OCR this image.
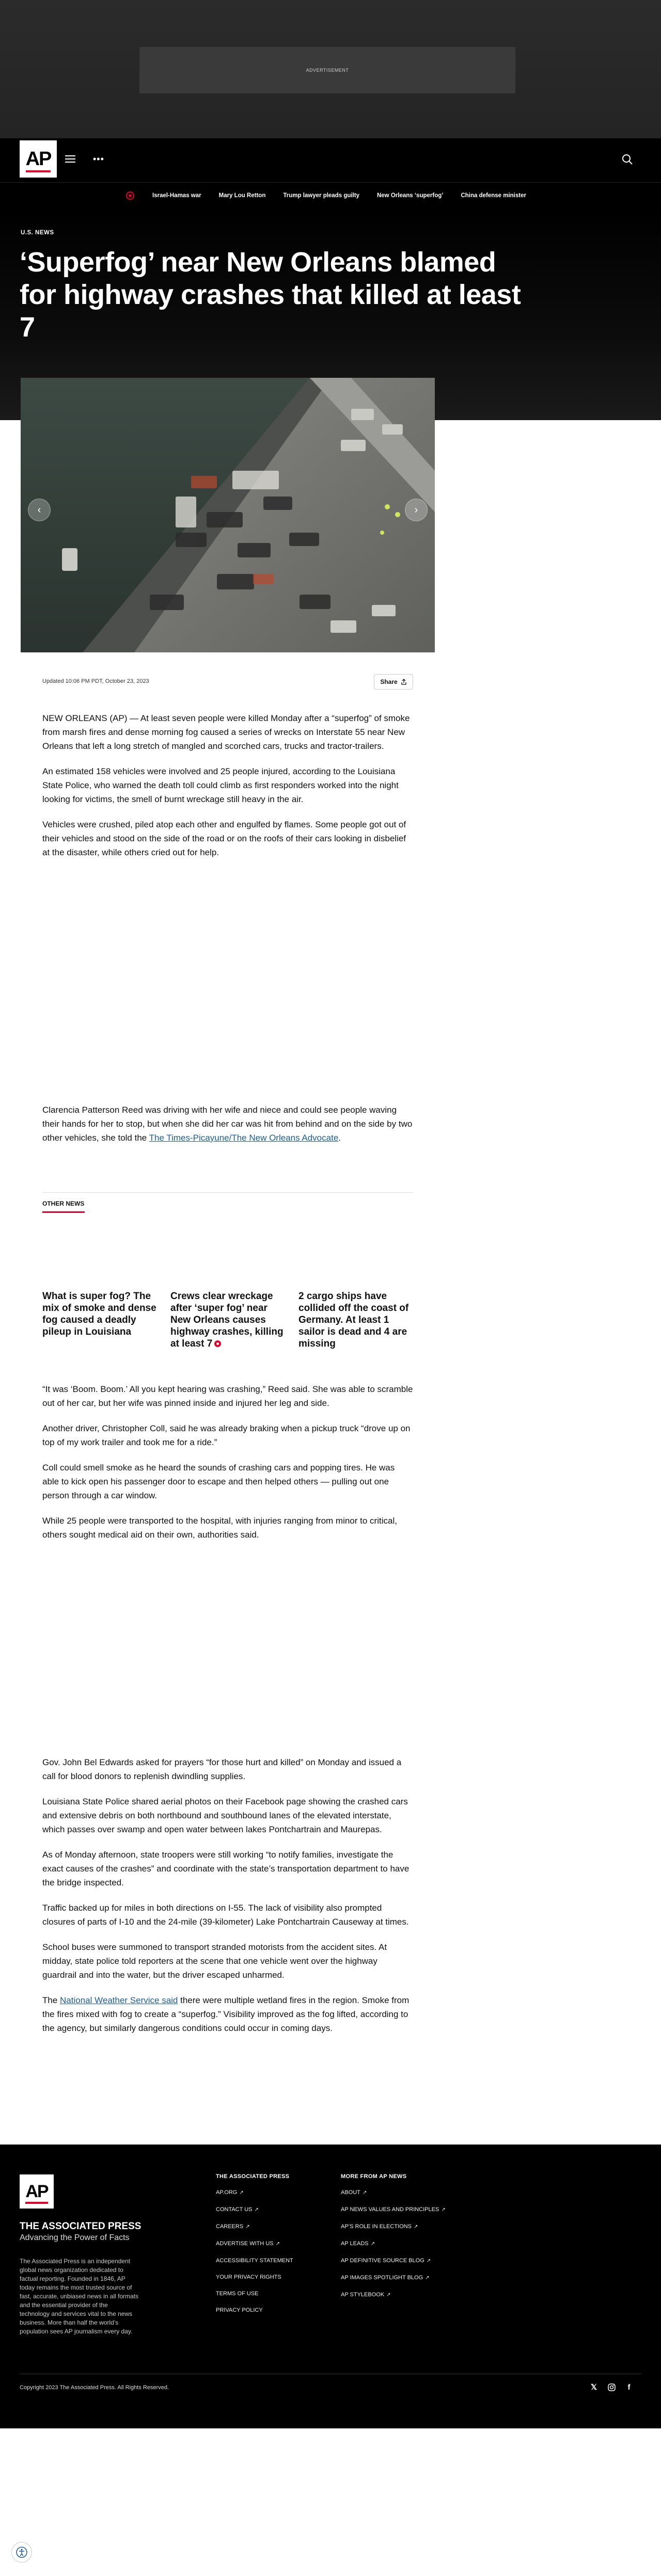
ADVERTISEMENT
AP	•••
Israel-Hamas war	Mary Lou Retton	Trump lawyer pleads guilty	New Orleans ‘superfog’	China defense minister
U.S. NEWS
‘Superfog’ near New Orleans blamed for highway crashes that killed at least 7
‹	›
Updated 10:06 PM PDT, October 23, 2023	Share

NEW ORLEANS (AP) — At least seven people were killed Monday after a “superfog” of smoke from marsh fires and dense morning fog caused a series of wrecks on Interstate 55 near New Orleans that left a long stretch of mangled and scorched cars, trucks and tractor-trailers.

An estimated 158 vehicles were involved and 25 people injured, according to the Louisiana State Police, who warned the death toll could climb as first responders worked into the night looking for victims, the smell of burnt wreckage still heavy in the air.

Vehicles were crushed, piled atop each other and engulfed by flames. Some people got out of their vehicles and stood on the side of the road or on the roofs of their cars looking in disbelief at the disaster, while others cried out for help.

Clarencia Patterson Reed was driving with her wife and niece and could see people waving their hands for her to stop, but when she did her car was hit from behind and on the side by two other vehicles, she told the The Times-Picayune/The New Orleans Advocate.

OTHER NEWS
What is super fog? The mix of smoke and dense fog caused a deadly pileup in Louisiana
Crews clear wreckage after ‘super fog’ near New Orleans causes highway crashes, killing at least 7
2 cargo ships have collided off the coast of Germany. At least 1 sailor is dead and 4 are missing

“It was ‘Boom. Boom.’ All you kept hearing was crashing,” Reed said. She was able to scramble out of her car, but her wife was pinned inside and injured her leg and side.

Another driver, Christopher Coll, said he was already braking when a pickup truck “drove up on top of my work trailer and took me for a ride.”

Coll could smell smoke as he heard the sounds of crashing cars and popping tires. He was able to kick open his passenger door to escape and then helped others — pulling out one person through a car window.

While 25 people were transported to the hospital, with injuries ranging from minor to critical, others sought medical aid on their own, authorities said.

Gov. John Bel Edwards asked for prayers “for those hurt and killed” on Monday and issued a call for blood donors to replenish dwindling supplies.

Louisiana State Police shared aerial photos on their Facebook page showing the crashed cars and extensive debris on both northbound and southbound lanes of the elevated interstate, which passes over swamp and open water between lakes Pontchartrain and Maurepas.

As of Monday afternoon, state troopers were still working “to notify families, investigate the exact causes of the crashes” and coordinate with the state’s transportation department to have the bridge inspected.

Traffic backed up for miles in both directions on I-55. The lack of visibility also prompted closures of parts of I-10 and the 24-mile (39-kilometer) Lake Pontchartrain Causeway at times.

School buses were summoned to transport stranded motorists from the accident sites. At midday, state police told reporters at the scene that one vehicle went over the highway guardrail and into the water, but the driver escaped unharmed.

The National Weather Service said there were multiple wetland fires in the region. Smoke from the fires mixed with fog to create a “superfog.” Visibility improved as the fog lifted, according to the agency, but similarly dangerous conditions could occur in coming days.

AP
THE ASSOCIATED PRESS
Advancing the Power of Facts
The Associated Press is an independent global news organization dedicated to factual reporting. Founded in 1846, AP today remains the most trusted source of fast, accurate, unbiased news in all formats and the essential provider of the technology and services vital to the news business. More than half the world’s population sees AP journalism every day.
THE ASSOCIATED PRESS
AP.ORG ↗
CONTACT US ↗
CAREERS ↗
ADVERTISE WITH US ↗
ACCESSIBILITY STATEMENT
YOUR PRIVACY RIGHTS
TERMS OF USE
PRIVACY POLICY
MORE FROM AP NEWS
ABOUT ↗
AP NEWS VALUES AND PRINCIPLES ↗
AP’S ROLE IN ELECTIONS ↗
AP LEADS ↗
AP DEFINITIVE SOURCE BLOG ↗
AP IMAGES SPOTLIGHT BLOG ↗
AP STYLEBOOK ↗
Copyright 2023 The Associated Press. All Rights Reserved.	𝕏	f
